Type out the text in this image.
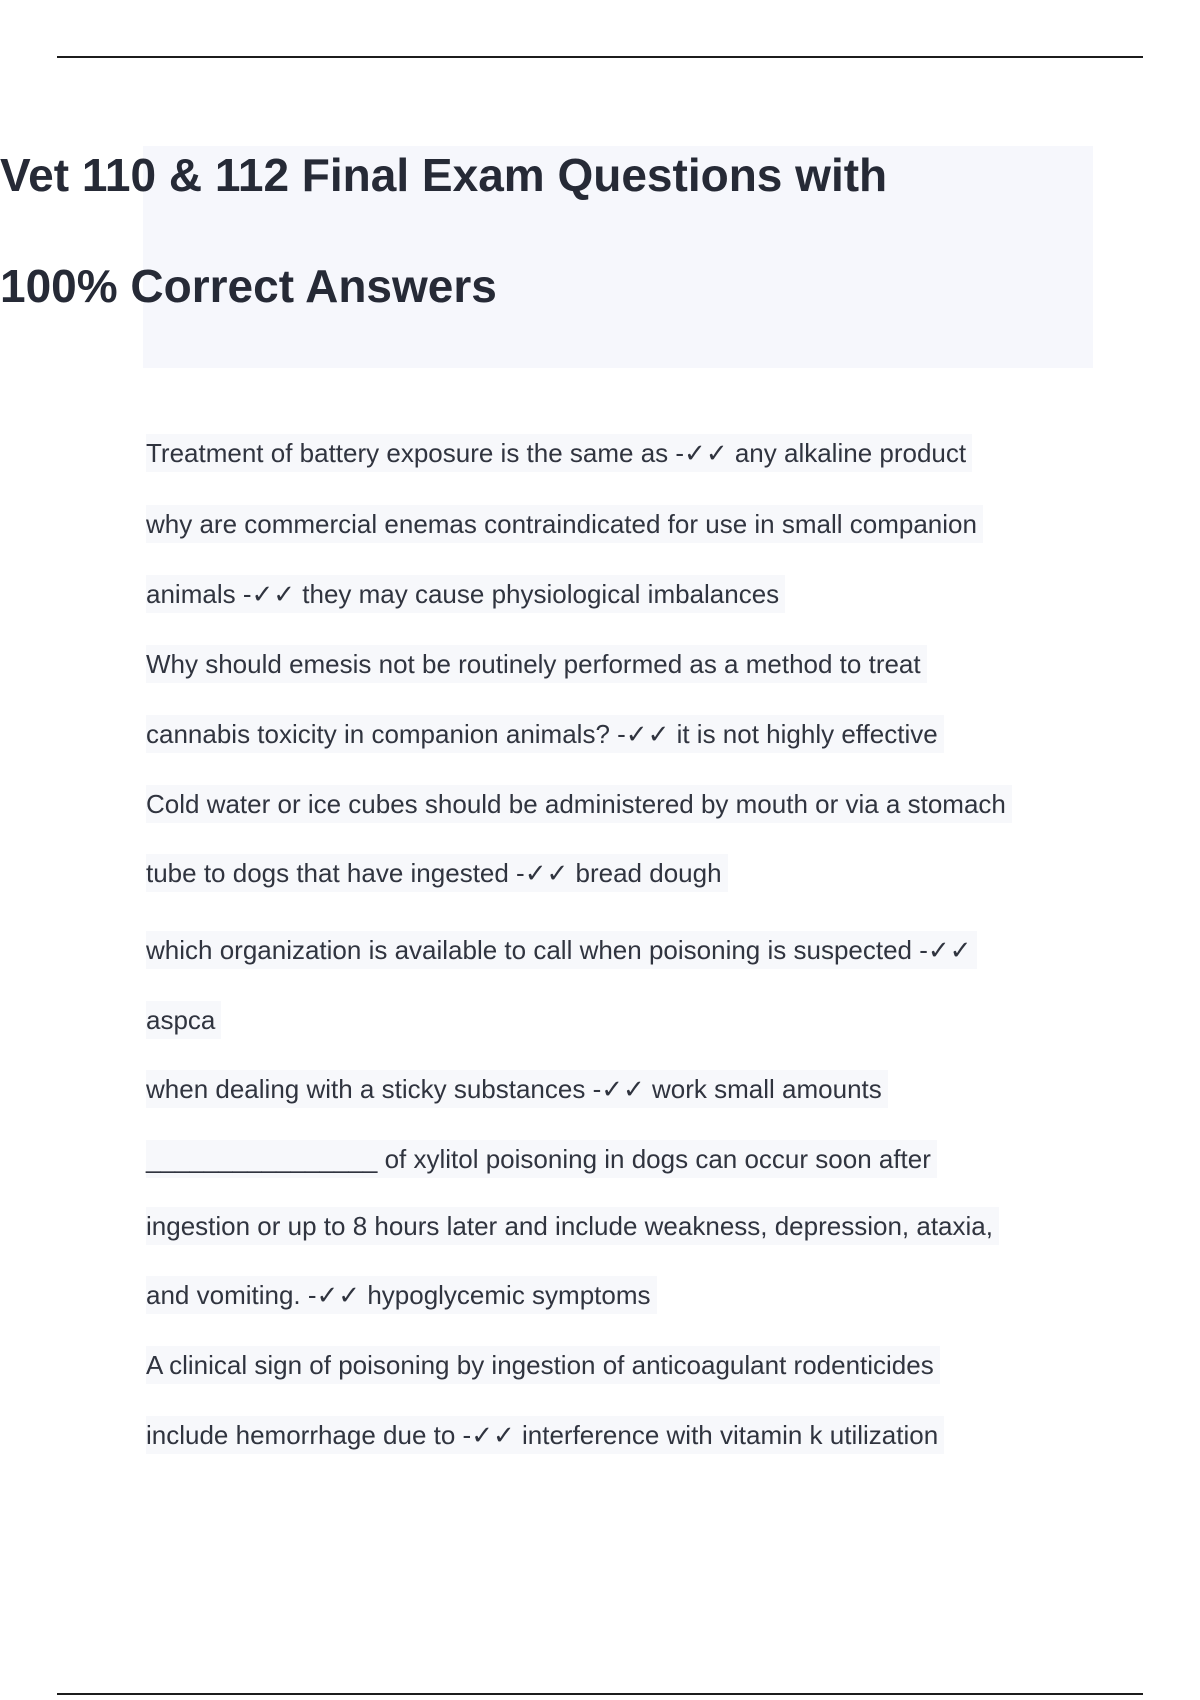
Vet 110 & 112 Final Exam Questions with
100% Correct Answers
Treatment of battery exposure is the same as -✓✓ any alkaline product
why are commercial enemas contraindicated for use in small companion
animals -✓✓ they may cause physiological imbalances
Why should emesis not be routinely performed as a method to treat
cannabis toxicity in companion animals? -✓✓ it is not highly effective
Cold water or ice cubes should be administered by mouth or via a stomach
tube to dogs that have ingested -✓✓ bread dough
which organization is available to call when poisoning is suspected -✓✓
aspca
when dealing with a sticky substances -✓✓ work small amounts
________________ of xylitol poisoning in dogs can occur soon after
ingestion or up to 8 hours later and include weakness, depression, ataxia,
and vomiting. -✓✓ hypoglycemic symptoms
A clinical sign of poisoning by ingestion of anticoagulant rodenticides
include hemorrhage due to -✓✓ interference with vitamin k utilization
